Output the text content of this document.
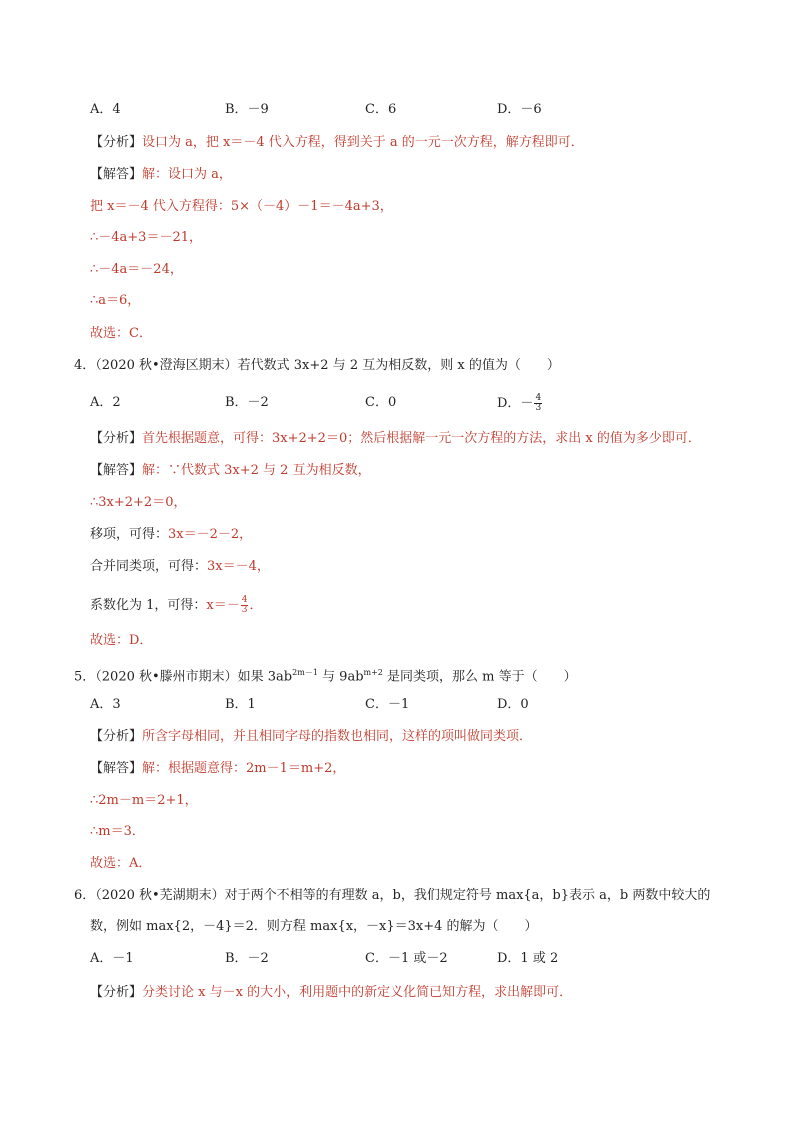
A．4	B．－9	C．6	D．－6
【分析】设口为 a，把 x＝－4 代入方程，得到关于 a 的一元一次方程，解方程即可．
【解答】解：设口为 a，
把 x＝－4 代入方程得：5×（－4）－1＝－4a+3，
∴－4a+3＝－21，
∴－4a＝－24，
∴a＝6，
故选：C．
4．（2020 秋•澄海区期末）若代数式 3x+2 与 2 互为相反数，则 x 的值为（　　）
A．2	B．－2	C．0	D．－ $\frac{4}{3}$
【分析】首先根据题意，可得：3x+2+2＝0；然后根据解一元一次方程的方法，求出 x 的值为多少即可．
【解答】解：∵代数式 3x+2 与 2 互为相反数，
∴3x+2+2＝0，
移项，可得：3x＝－2－2，
合并同类项，可得：3x＝－4，
系数化为 1，可得：$x=- \frac{4}{3}$ ．
故选：D．
5．（2020 秋•滕州市期末）如果 $3ab^{2m-1}$ 与 $9ab^{m+2}$ 是同类项，那么 m 等于（　　）
A．3	B．1	C．－1	D．0
【分析】所含字母相同，并且相同字母的指数也相同，这样的项叫做同类项．
【解答】解：根据题意得：2m－1＝m+2，
∴2m－m＝2+1，
∴m＝3．
故选：A．
6．（2020 秋•芜湖期末）对于两个不相等的有理数 a，b，我们规定符号 max{a，b}表示 a，b 两数中较大的
数，例如 max{2，－4}＝2．则方程 max{x，－x}＝3x+4 的解为（　　）
A．－1	B．－2	C．－1 或－2	D．1 或 2
【分析】分类讨论 x 与－x 的大小，利用题中的新定义化简已知方程，求出解即可．
